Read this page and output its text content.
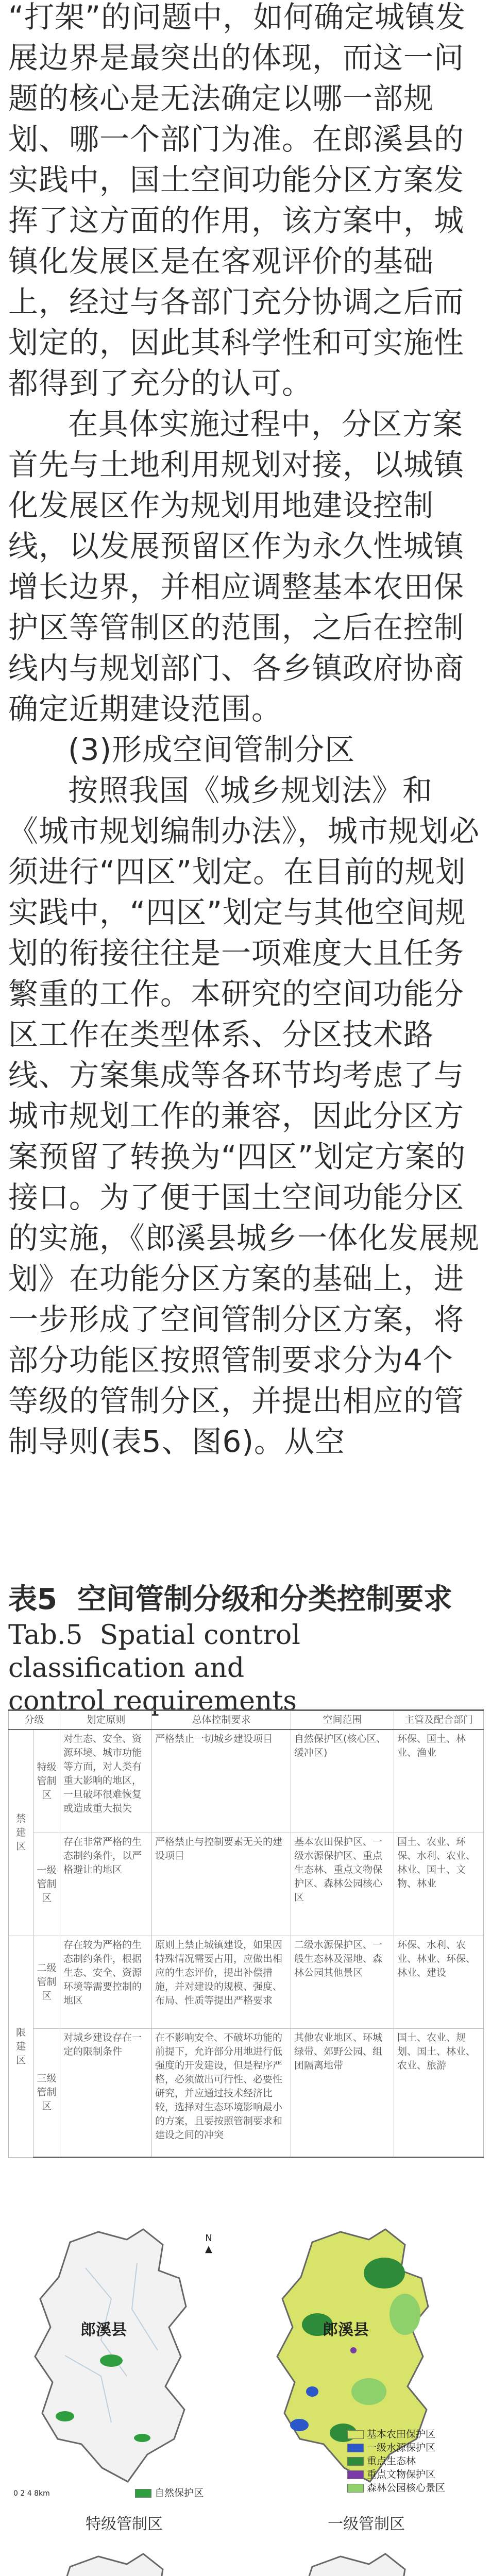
“打架”的问题中，如何确定城镇发展边界是最突出的体现，而这一问题的核心是无法确定以哪一部规划、哪一个部门为准。在郎溪县的实践中，国土空间功能分区方案发挥了这方面的作用，该方案中，城镇化发展区是在客观评价的基础上，经过与各部门充分协调之后而划定的，因此其科学性和可实施性都得到了充分的认可。

在具体实施过程中，分区方案首先与土地利用规划对接，以城镇化发展区作为规划用地建设控制线，以发展预留区作为永久性城镇增长边界，并相应调整基本农田保护区等管制区的范围，之后在控制线内与规划部门、各乡镇政府协商确定近期建设范围。

(3)形成空间管制分区

按照我国《城乡规划法》和《城市规划编制办法》，城市规划必须进行“四区”划定。在目前的规划实践中，“四区”划定与其他空间规划的衔接往往是一项难度大且任务繁重的工作。本研究的空间功能分区工作在类型体系、分区技术路线、方案集成等各环节均考虑了与城市规划工作的兼容，因此分区方案预留了转换为“四区”划定方案的接口。为了便于国土空间功能分区的实施，《郎溪县城乡一体化发展规划》在功能分区方案的基础上，进一步形成了空间管制分区方案，将部分功能区按照管制要求分为4个等级的管制分区，并提出相应的管制导则(表5、图6)。从空

表5 空间管制分级和分类控制要求
Tab.5 Spatial control classification and
control requirements
分级		划定原则	总体控制要求	空间范围	主管及配合部门
禁建区	特级管制区	对生态、安全、资源环境、城市功能等方面，对人类有重大影响的地区，一旦破坏很难恢复或造成重大损失	严格禁止一切城乡建设项目	自然保护区(核心区、缓冲区)	环保、国土、林业、渔业
	一级管制区	存在非常严格的生态制约条件，以严格避让的地区	严格禁止与控制要素无关的建设项目	基本农田保护区、一级水源保护区、重点生态林、重点文物保护区、森林公园核心区	国土、农业、环保、水利、农业、林业、国土、文物、林业
限建区	二级管制区	存在较为严格的生态制约条件，根据生态、安全、资源环境等需要控制的地区	原则上禁止城镇建设，如果因特殊情况需要占用，应做出相应的生态评价，提出补偿措施，并对建设的规模、强度、布局、性质等提出严格要求	二级水源保护区、一般生态林及湿地、森林公园其他景区	环保、水利、农业、林业、环保、林业、建设
	三级管制区	对城乡建设存在一定的限制条件	在不影响安全、不破坏功能的前提下，允许部分用地进行低强度的开发建设，但是程序严格，必须做出可行性、必要性研究，并应通过技术经济比较，选择对生态环境影响最小的方案，且要按照管制要求和建设之间的冲突	其他农业地区、环城绿带、郊野公园、组团隔离地带	国土、农业、规划、国土、林业、农业、旅游
郎溪县
N
▲
0 2 4 8km	自然保护区
特级管制区
郎溪县
基本农田保护区
一级水源保护区
重点生态林
重点文物保护区
森林公园核心景区
一级管制区
